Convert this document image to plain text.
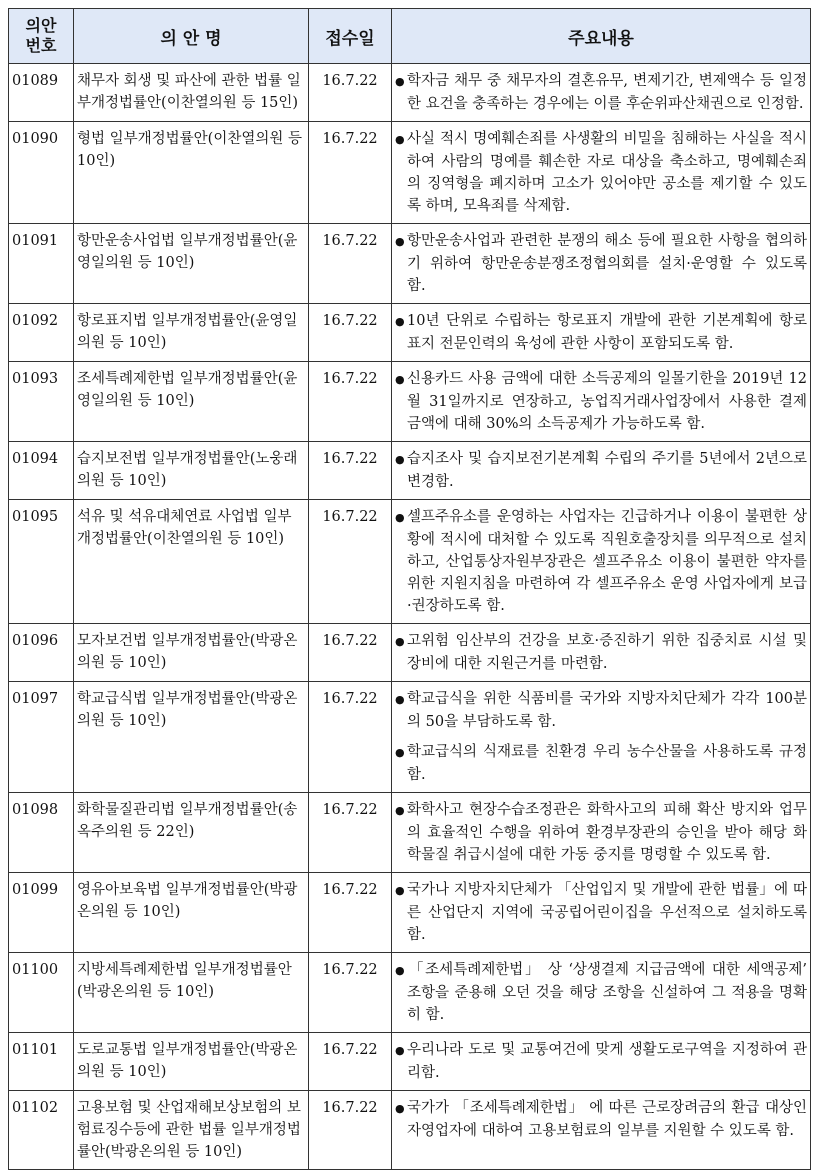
의안
번호	의 안 명	접수일	주요내용
01089	채무자 회생 및 파산에 관한 법률 일부개정법률안(이찬열의원 등 15인)	16.7.22	● 학자금 채무 중 채무자의 결혼유무, 변제기간, 변제액수 등 일정한 요건을 충족하는 경우에는 이를 후순위파산채권으로 인정함.

01090	형법 일부개정법률안(이찬열의원 등 10인)	16.7.22	● 사실 적시 명예훼손죄를 사생활의 비밀을 침해하는 사실을 적시하여 사람의 명예를 훼손한 자로 대상을 축소하고, 명예훼손죄의 징역형을 폐지하며 고소가 있어야만 공소를 제기할 수 있도록 하며, 모욕죄를 삭제함.

01091	항만운송사업법 일부개정법률안(윤영일의원 등 10인)	16.7.22	● 항만운송사업과 관련한 분쟁의 해소 등에 필요한 사항을 협의하기 위하여 항만운송분쟁조정협의회를 설치·운영할 수 있도록 함.

01092	항로표지법 일부개정법률안(윤영일의원 등 10인)	16.7.22	● 10년 단위로 수립하는 항로표지 개발에 관한 기본계획에 항로표지 전문인력의 육성에 관한 사항이 포함되도록 함.

01093	조세특례제한법 일부개정법률안(윤영일의원 등 10인)	16.7.22	● 신용카드 사용 금액에 대한 소득공제의 일몰기한을 2019년 12월 31일까지로 연장하고, 농업직거래사업장에서 사용한 결제 금액에 대해 30%의 소득공제가 가능하도록 함.

01094	습지보전법 일부개정법률안(노웅래의원 등 10인)	16.7.22	● 습지조사 및 습지보전기본계획 수립의 주기를 5년에서 2년으로 변경함.

01095	석유 및 석유대체연료 사업법 일부개정법률안(이찬열의원 등 10인)	16.7.22	● 셀프주유소를 운영하는 사업자는 긴급하거나 이용이 불편한 상황에 적시에 대처할 수 있도록 직원호출장치를 의무적으로 설치하고, 산업통상자원부장관은 셀프주유소 이용이 불편한 약자를 위한 지원지침을 마련하여 각 셀프주유소 운영 사업자에게 보급·권장하도록 함.

01096	모자보건법 일부개정법률안(박광온의원 등 10인)	16.7.22	● 고위험 임산부의 건강을 보호·증진하기 위한 집중치료 시설 및 장비에 대한 지원근거를 마련함.

01097	학교급식법 일부개정법률안(박광온의원 등 10인)	16.7.22	● 학교급식을 위한 식품비를 국가와 지방자치단체가 각각 100분의 50을 부담하도록 함.
● 학교급식의 식재료를 친환경 우리 농수산물을 사용하도록 규정함.

01098	화학물질관리법 일부개정법률안(송옥주의원 등 22인)	16.7.22	● 화학사고 현장수습조정관은 화학사고의 피해 확산 방지와 업무의 효율적인 수행을 위하여 환경부장관의 승인을 받아 해당 화학물질 취급시설에 대한 가동 중지를 명령할 수 있도록 함.

01099	영유아보육법 일부개정법률안(박광온의원 등 10인)	16.7.22	● 국가나 지방자치단체가 「산업입지 및 개발에 관한 법률」에 따른 산업단지 지역에 국공립어린이집을 우선적으로 설치하도록 함.

01100	지방세특례제한법 일부개정법률안(박광온의원 등 10인)	16.7.22	● 「조세특례제한법」 상 ‘상생결제 지급금액에 대한 세액공제’ 조항을 준용해 오던 것을 해당 조항을 신설하여 그 적용을 명확히 함.

01101	도로교통법 일부개정법률안(박광온의원 등 10인)	16.7.22	● 우리나라 도로 및 교통여건에 맞게 생활도로구역을 지정하여 관리함.

01102	고용보험 및 산업재해보상보험의 보험료징수등에 관한 법률 일부개정법률안(박광온의원 등 10인)	16.7.22	● 국가가 「조세특례제한법」 에 따른 근로장려금의 환급 대상인 자영업자에 대하여 고용보험료의 일부를 지원할 수 있도록 함.
